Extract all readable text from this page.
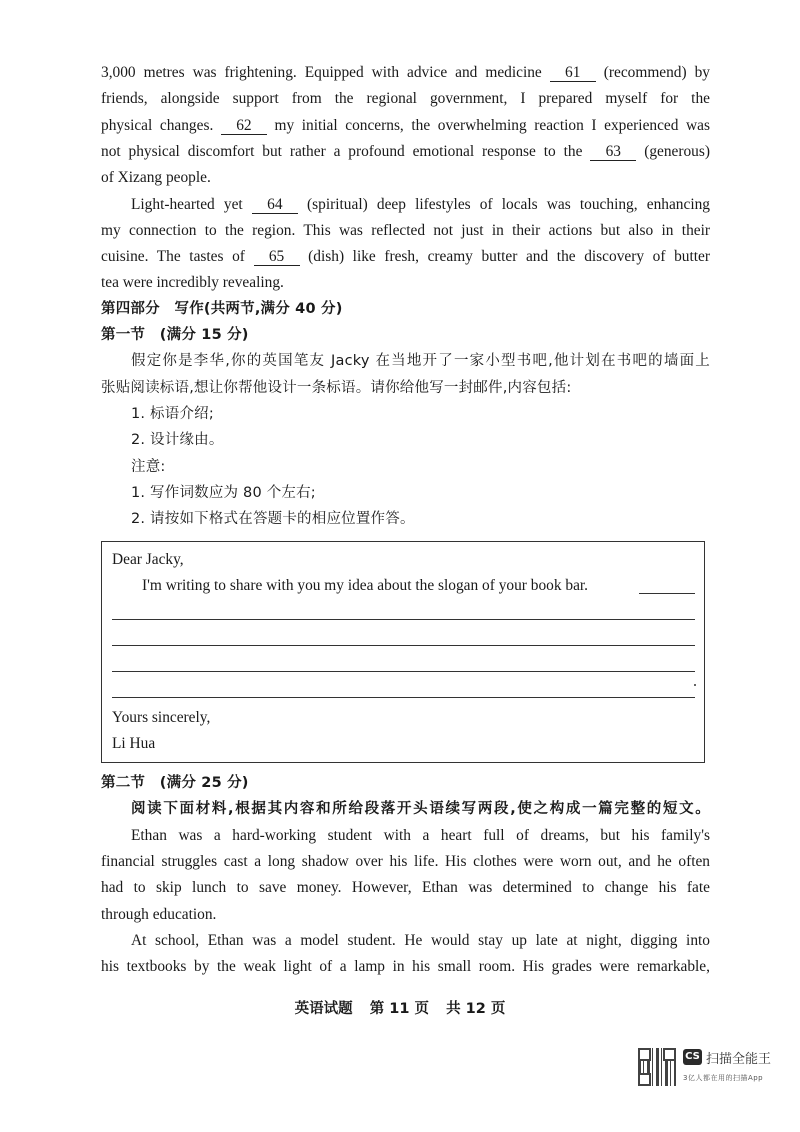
3,000 metres was frightening. Equipped with advice and medicine 61 (recommend) by
friends, alongside support from the regional government, I prepared myself for the
physical changes. 62 my initial concerns, the overwhelming reaction I experienced was
not physical discomfort but rather a profound emotional response to the 63 (generous)
of Xizang people.
Light-hearted yet 64 (spiritual) deep lifestyles of locals was touching, enhancing
my connection to the region. This was reflected not just in their actions but also in their
cuisine. The tastes of 65 (dish) like fresh, creamy butter and the discovery of butter
tea were incredibly revealing.
第四部分　写作(共两节,满分 40 分)
第一节　(满分 15 分)
假定你是李华,你的英国笔友 Jacky 在当地开了一家小型书吧,他计划在书吧的墙面上
张贴阅读标语,想让你帮他设计一条标语。请你给他写一封邮件,内容包括:
1. 标语介绍;
2. 设计缘由。
注意:
1. 写作词数应为 80 个左右;
2. 请按如下格式在答题卡的相应位置作答。
Dear Jacky,
I'm writing to share with you my idea about the slogan of your book bar.
Yours sincerely,
Li Hua
第二节　(满分 25 分)
阅读下面材料,根据其内容和所给段落开头语续写两段,使之构成一篇完整的短文。
Ethan was a hard-working student with a heart full of dreams, but his family's
financial struggles cast a long shadow over his life. His clothes were worn out, and he often
had to skip lunch to save money. However, Ethan was determined to change his fate
through education.
At school, Ethan was a model student. He would stay up late at night, digging into
his textbooks by the weak light of a lamp in his small room. His grades were remarkable,
英语试题 第 11 页 共 12 页
CS 扫描全能王
3亿人都在用的扫描App
